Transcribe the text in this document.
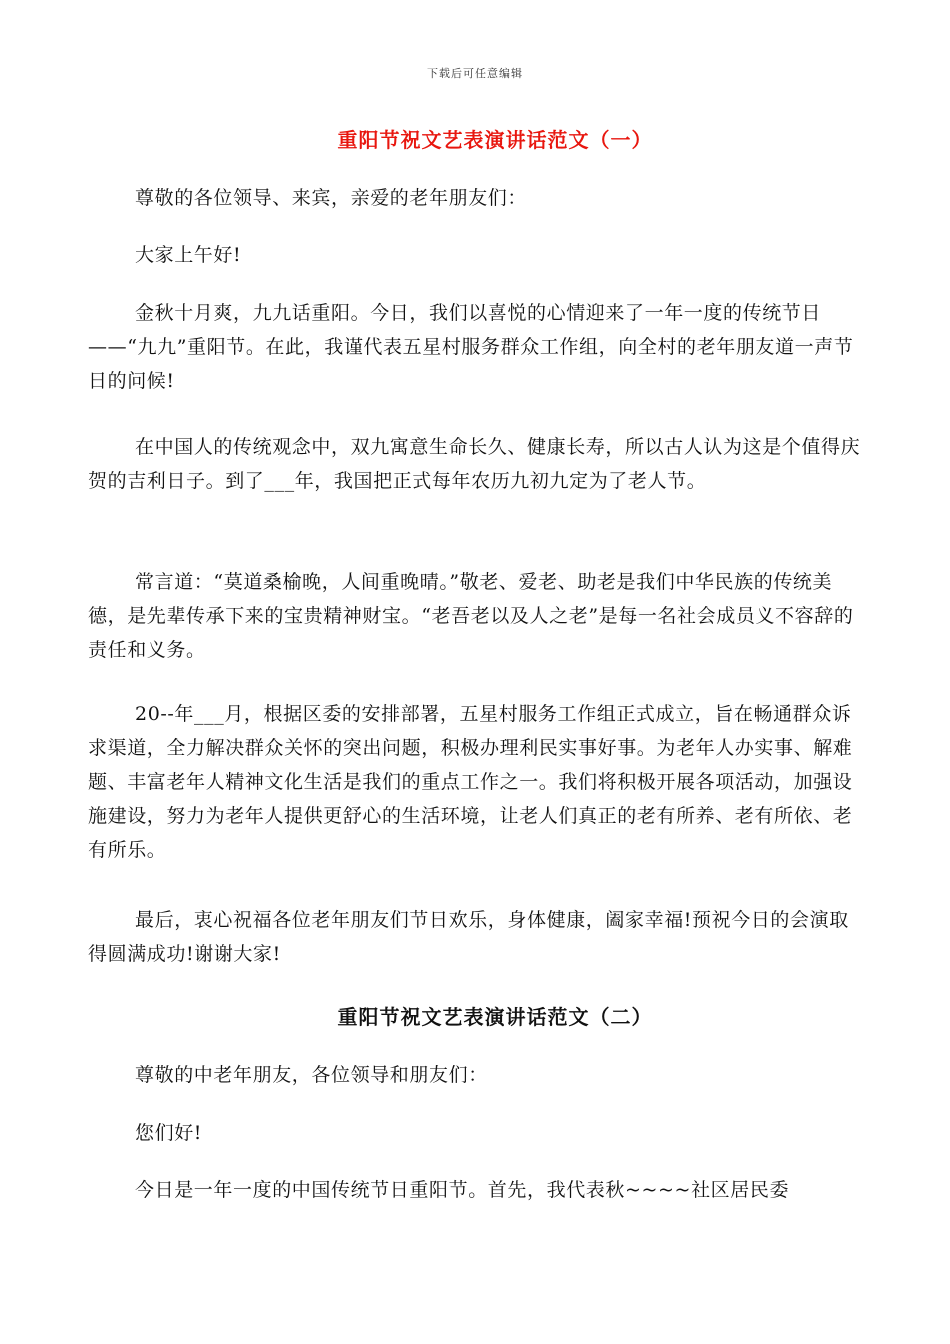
下载后可任意编辑
重阳节祝文艺表演讲话范文（一）

尊敬的各位领导、来宾，亲爱的老年朋友们：

大家上午好!

金秋十月爽，九九话重阳。今日，我们以喜悦的心情迎来了一年一度的传统节日——“九九”重阳节。在此，我谨代表五星村服务群众工作组，向全村的老年朋友道一声节日的问候!

在中国人的传统观念中，双九寓意生命长久、健康长寿，所以古人认为这是个值得庆贺的吉利日子。到了___年，我国把正式每年农历九初九定为了老人节。

常言道：“莫道桑榆晚，人间重晚晴。”敬老、爱老、助老是我们中华民族的传统美德，是先辈传承下来的宝贵精神财宝。“老吾老以及人之老”是每一名社会成员义不容辞的责任和义务。

20--年___月，根据区委的安排部署，五星村服务工作组正式成立，旨在畅通群众诉求渠道，全力解决群众关怀的突出问题，积极办理利民实事好事。为老年人办实事、解难题、丰富老年人精神文化生活是我们的重点工作之一。我们将积极开展各项活动，加强设施建设，努力为老年人提供更舒心的生活环境，让老人们真正的老有所养、老有所依、老有所乐。

最后，衷心祝福各位老年朋友们节日欢乐，身体健康，阖家幸福!预祝今日的会演取得圆满成功!谢谢大家!

重阳节祝文艺表演讲话范文（二）

尊敬的中老年朋友，各位领导和朋友们：

您们好!

今日是一年一度的中国传统节日重阳节。首先，我代表秋~~~~社区居民委
